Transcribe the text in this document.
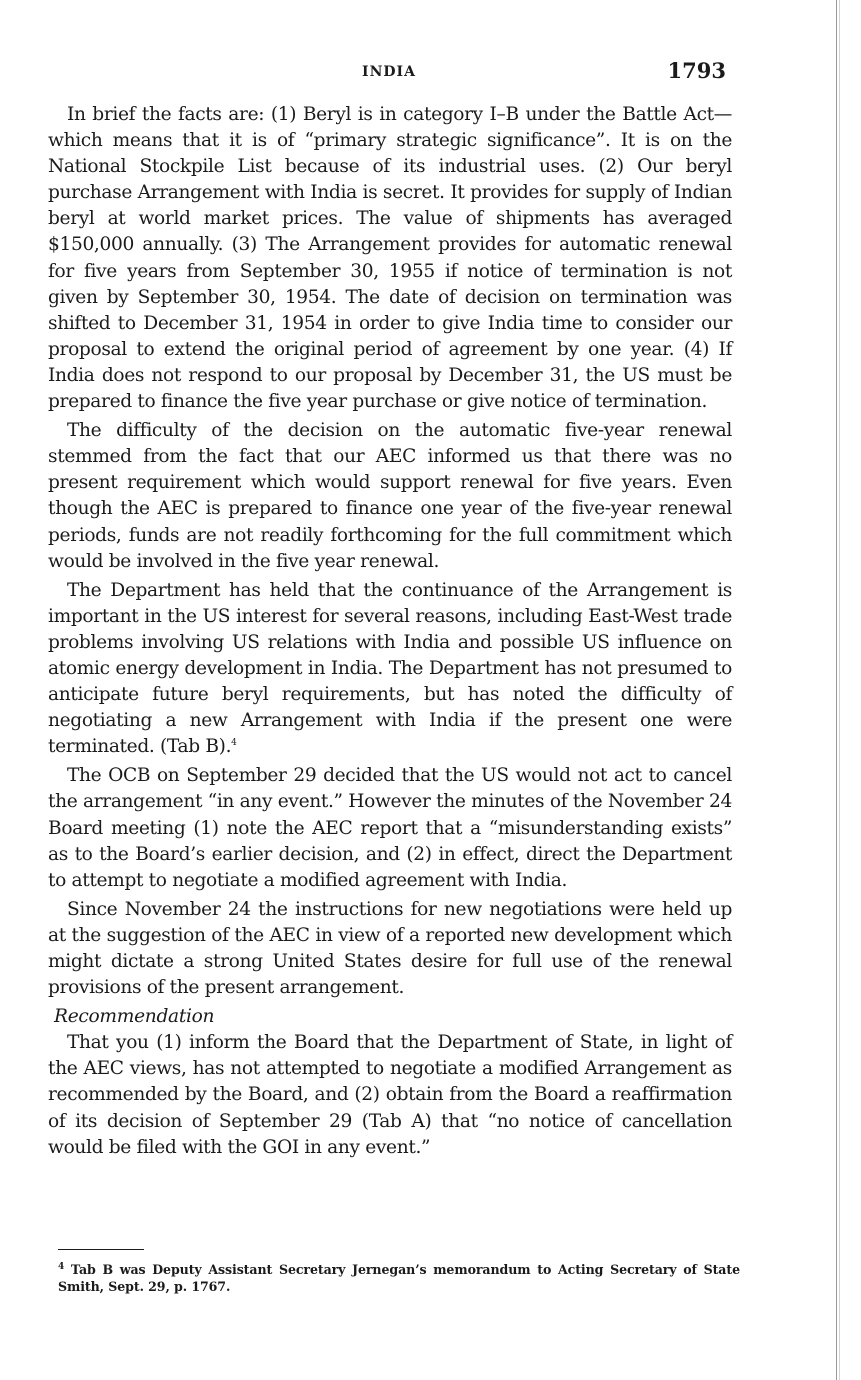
INDIA	1793

In brief the facts are: (1) Beryl is in category I–B under the Battle Act—which means that it is of “primary strategic significance”. It is on the National Stockpile List because of its industrial uses. (2) Our beryl purchase Arrangement with India is secret. It provides for supply of Indian beryl at world market prices. The value of shipments has averaged $150,000 annually. (3) The Arrangement provides for automatic renewal for five years from September 30, 1955 if notice of termination is not given by September 30, 1954. The date of decision on termination was shifted to December 31, 1954 in order to give India time to consider our proposal to extend the original period of agreement by one year. (4) If India does not respond to our proposal by December 31, the US must be prepared to finance the five year purchase or give notice of termination.

The difficulty of the decision on the automatic five-year renewal stemmed from the fact that our AEC informed us that there was no present requirement which would support renewal for five years. Even though the AEC is prepared to finance one year of the five-year renewal periods, funds are not readily forthcoming for the full commitment which would be involved in the five year renewal.

The Department has held that the continuance of the Arrangement is important in the US interest for several reasons, including East-West trade problems involving US relations with India and possible US influence on atomic energy development in India. The Department has not presumed to anticipate future beryl requirements, but has noted the difficulty of negotiating a new Arrangement with India if the present one were terminated. (Tab B).$^4$

The OCB on September 29 decided that the US would not act to cancel the arrangement “in any event.” However the minutes of the November 24 Board meeting (1) note the AEC report that a “misunderstanding exists” as to the Board’s earlier decision, and (2) in effect, direct the Department to attempt to negotiate a modified agreement with India.

Since November 24 the instructions for new negotiations were held up at the suggestion of the AEC in view of a reported new development which might dictate a strong United States desire for full use of the renewal provisions of the present arrangement.

Recommendation

That you (1) inform the Board that the Department of State, in light of the AEC views, has not attempted to negotiate a modified Arrangement as recommended by the Board, and (2) obtain from the Board a reaffirmation of its decision of September 29 (Tab A) that “no notice of cancellation would be filed with the GOI in any event.”

$^4$ Tab B was Deputy Assistant Secretary Jernegan’s memorandum to Acting Secretary of State Smith, Sept. 29, p. 1767.
